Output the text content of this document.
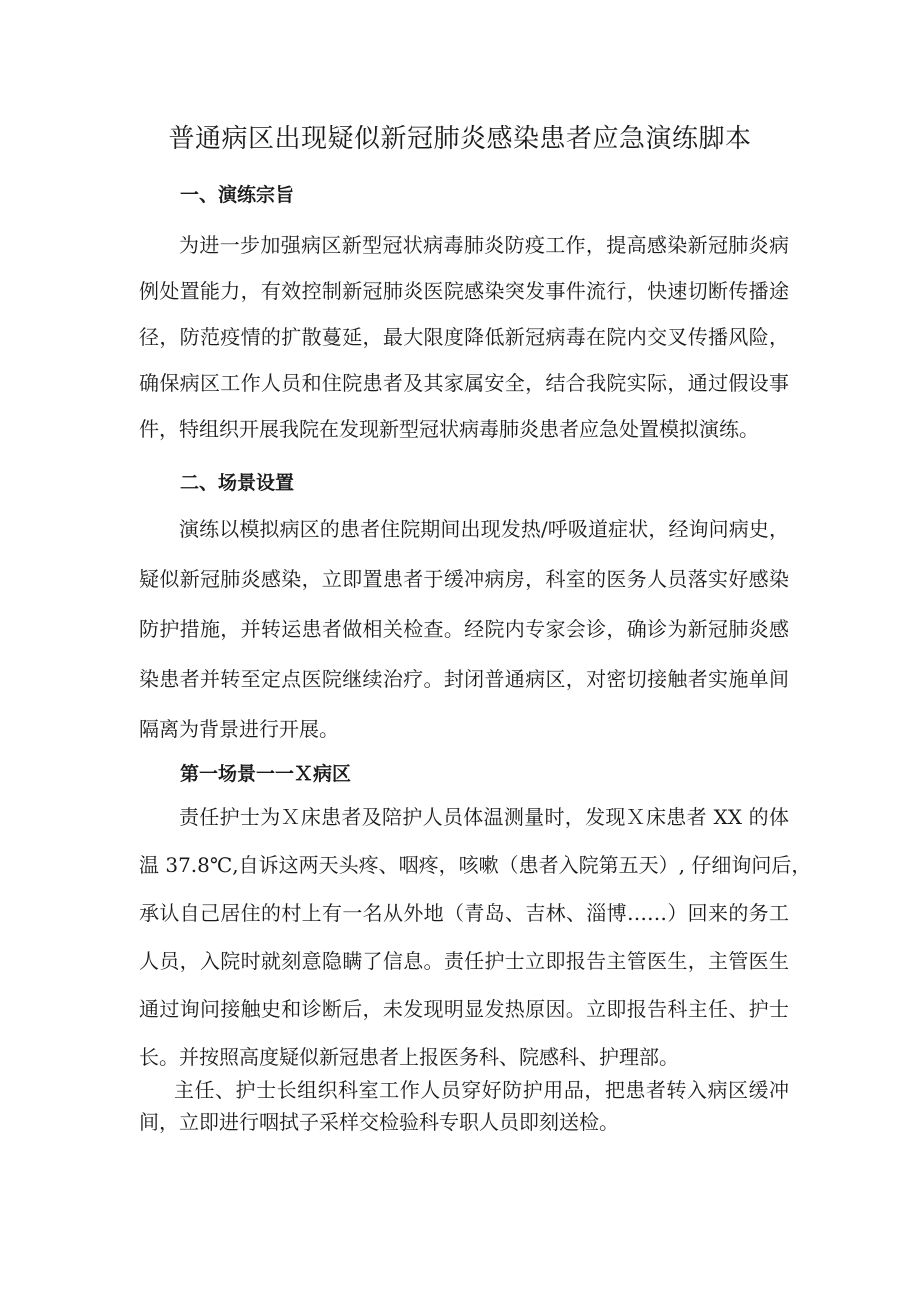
普通病区出现疑似新冠肺炎感染患者应急演练脚本
一、演练宗旨
为进一步加强病区新型冠状病毒肺炎防疫工作，提高感染新冠肺炎病
例处置能力，有效控制新冠肺炎医院感染突发事件流行，快速切断传播途
径，防范疫情的扩散蔓延，最大限度降低新冠病毒在院内交叉传播风险，
确保病区工作人员和住院患者及其家属安全，结合我院实际，通过假设事
件，特组织开展我院在发现新型冠状病毒肺炎患者应急处置模拟演练。
二、场景设置
演练以模拟病区的患者住院期间出现发热/呼吸道症状，经询问病史，
疑似新冠肺炎感染，立即置患者于缓冲病房，科室的医务人员落实好感染
防护措施，并转运患者做相关检查。经院内专家会诊，确诊为新冠肺炎感
染患者并转至定点医院继续治疗。封闭普通病区，对密切接触者实施单间
隔离为背景进行开展。
第一场景一一Ｘ病区
责任护士为Ｘ床患者及陪护人员体温测量时，发现Ｘ床患者 XX 的体
温 37.8℃,自诉这两天头疼、咽疼，咳嗽（患者入院第五天）, 仔细询问后，
承认自己居住的村上有一名从外地（青岛、吉林、淄博……）回来的务工
人员，入院时就刻意隐瞒了信息。责任护士立即报告主管医生，主管医生
通过询问接触史和诊断后，未发现明显发热原因。立即报告科主任、护士
长。并按照高度疑似新冠患者上报医务科、院感科、护理部。
主任、护士长组织科室工作人员穿好防护用品，把患者转入病区缓冲
间，立即进行咽拭子采样交检验科专职人员即刻送检。
